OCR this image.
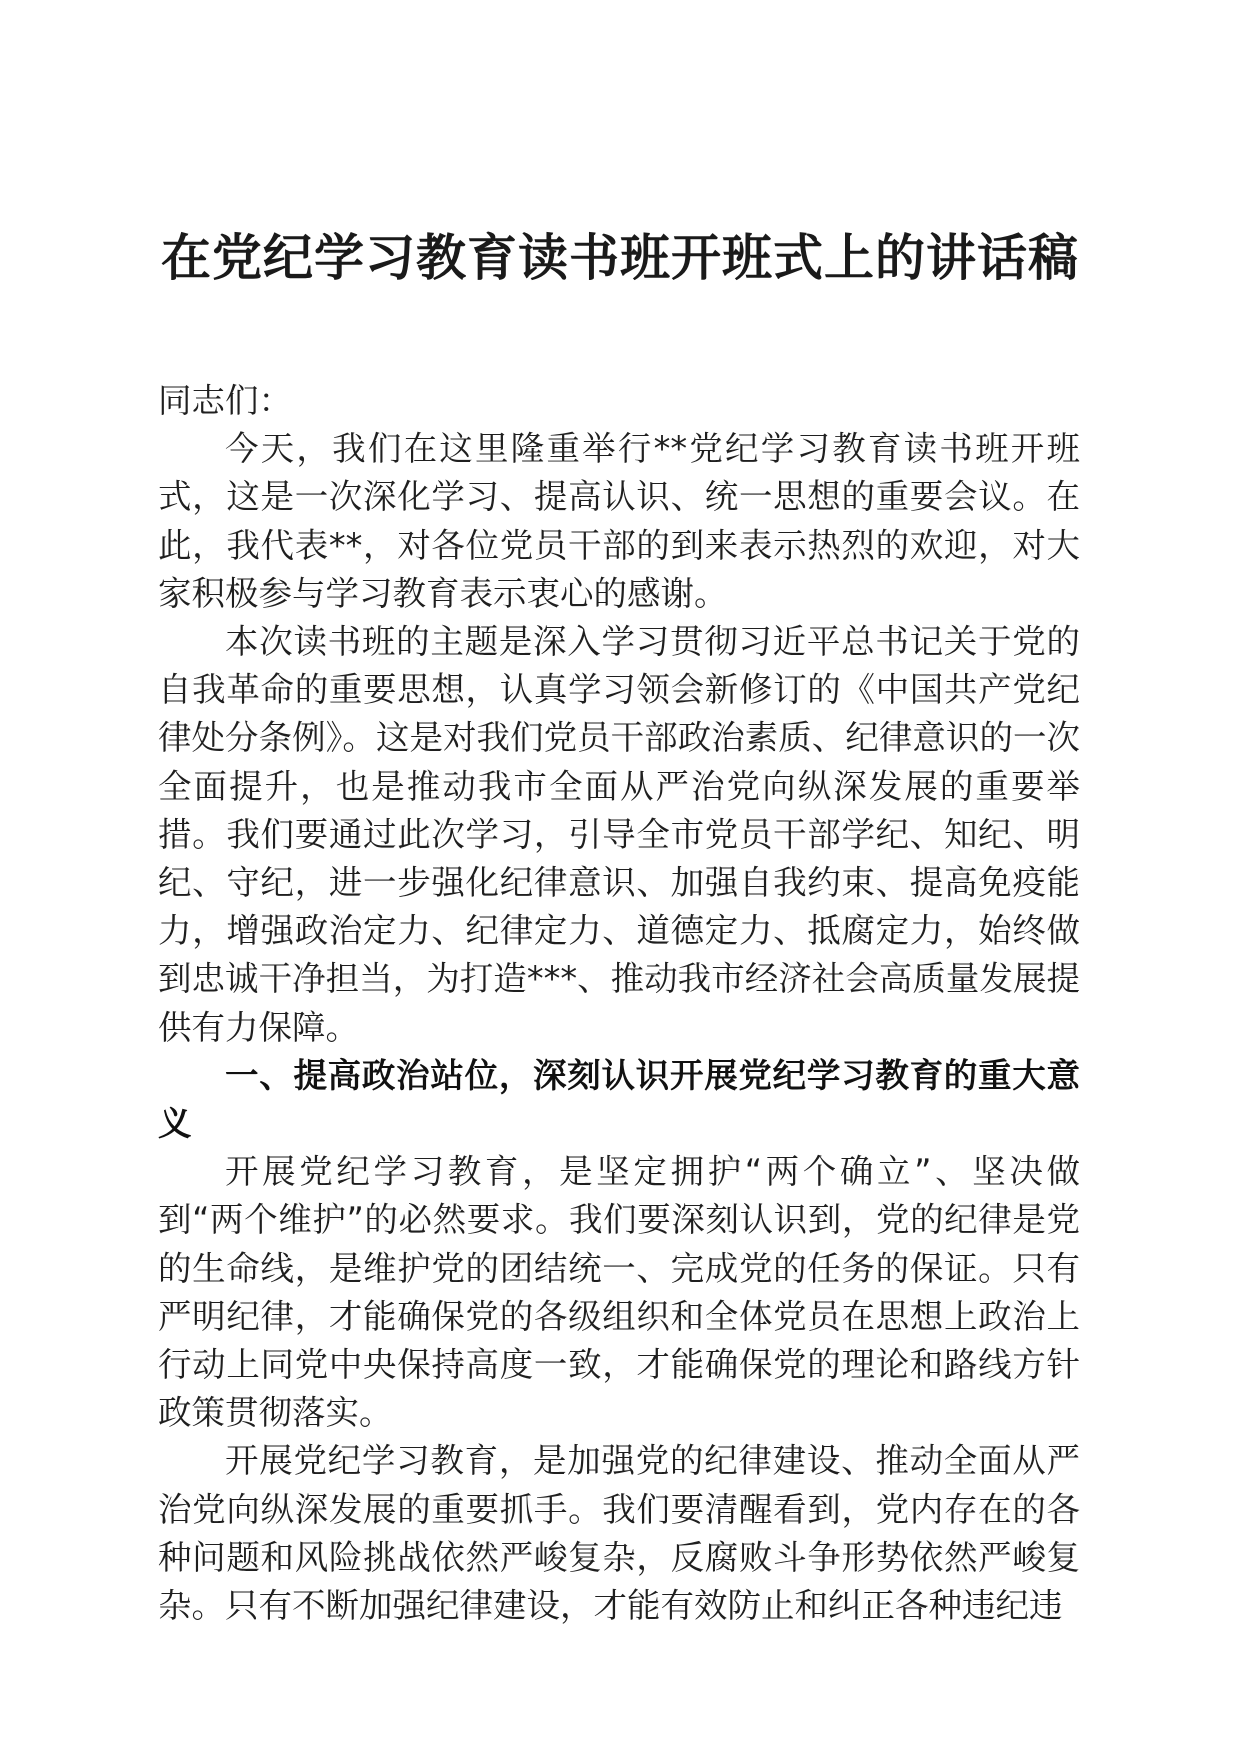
在党纪学习教育读书班开班式上的讲话稿

同志们：

今天，我们在这里隆重举行**党纪学习教育读书班开班式，这是一次深化学习、提高认识、统一思想的重要会议。在此，我代表**，对各位党员干部的到来表示热烈的欢迎，对大家积极参与学习教育表示衷心的感谢。

本次读书班的主题是深入学习贯彻习近平总书记关于党的自我革命的重要思想，认真学习领会新修订的《中国共产党纪律处分条例》。这是对我们党员干部政治素质、纪律意识的一次全面提升，也是推动我市全面从严治党向纵深发展的重要举措。我们要通过此次学习，引导全市党员干部学纪、知纪、明纪、守纪，进一步强化纪律意识、加强自我约束、提高免疫能力，增强政治定力、纪律定力、道德定力、抵腐定力，始终做到忠诚干净担当，为打造***、推动我市经济社会高质量发展提供有力保障。

一、提高政治站位，深刻认识开展党纪学习教育的重大意义

开展党纪学习教育，是坚定拥护“两个确立”、坚决做到“两个维护”的必然要求。我们要深刻认识到，党的纪律是党的生命线，是维护党的团结统一、完成党的任务的保证。只有严明纪律，才能确保党的各级组织和全体党员在思想上政治上行动上同党中央保持高度一致，才能确保党的理论和路线方针政策贯彻落实。

开展党纪学习教育，是加强党的纪律建设、推动全面从严治党向纵深发展的重要抓手。我们要清醒看到，党内存在的各种问题和风险挑战依然严峻复杂，反腐败斗争形势依然严峻复杂。只有不断加强纪律建设，才能有效防止和纠正各种违纪违
